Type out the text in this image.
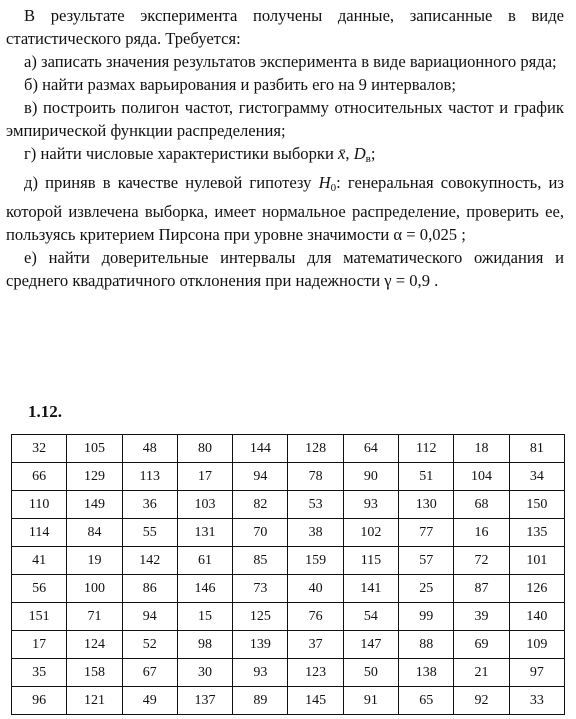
В результате эксперимента получены данные, записанные в виде статистического ряда. Требуется:

а) записать значения результатов эксперимента в виде вариационного ряда;

б) найти размах варьирования и разбить его на 9 интервалов;

в) построить полигон частот, гистограмму относительных частот и график эмпирической функции распределения;

г) найти числовые характеристики выборки x̄, $D_в$;

д) приняв в качестве нулевой гипотезу $H_0$: генеральная совокупность, из которой извлечена выборка, имеет нормальное распределение, проверить ее, пользуясь критерием Пирсона при уровне значимости α = 0,025 ;

е) найти доверительные интервалы для математического ожидания и среднего квадратичного отклонения при надежности γ = 0,9 .

1.12.
32	105	48	80	144	128	64	112	18	81
66	129	113	17	94	78	90	51	104	34
110	149	36	103	82	53	93	130	68	150
114	84	55	131	70	38	102	77	16	135
41	19	142	61	85	159	115	57	72	101
56	100	86	146	73	40	141	25	87	126
151	71	94	15	125	76	54	99	39	140
17	124	52	98	139	37	147	88	69	109
35	158	67	30	93	123	50	138	21	97
96	121	49	137	89	145	91	65	92	33
